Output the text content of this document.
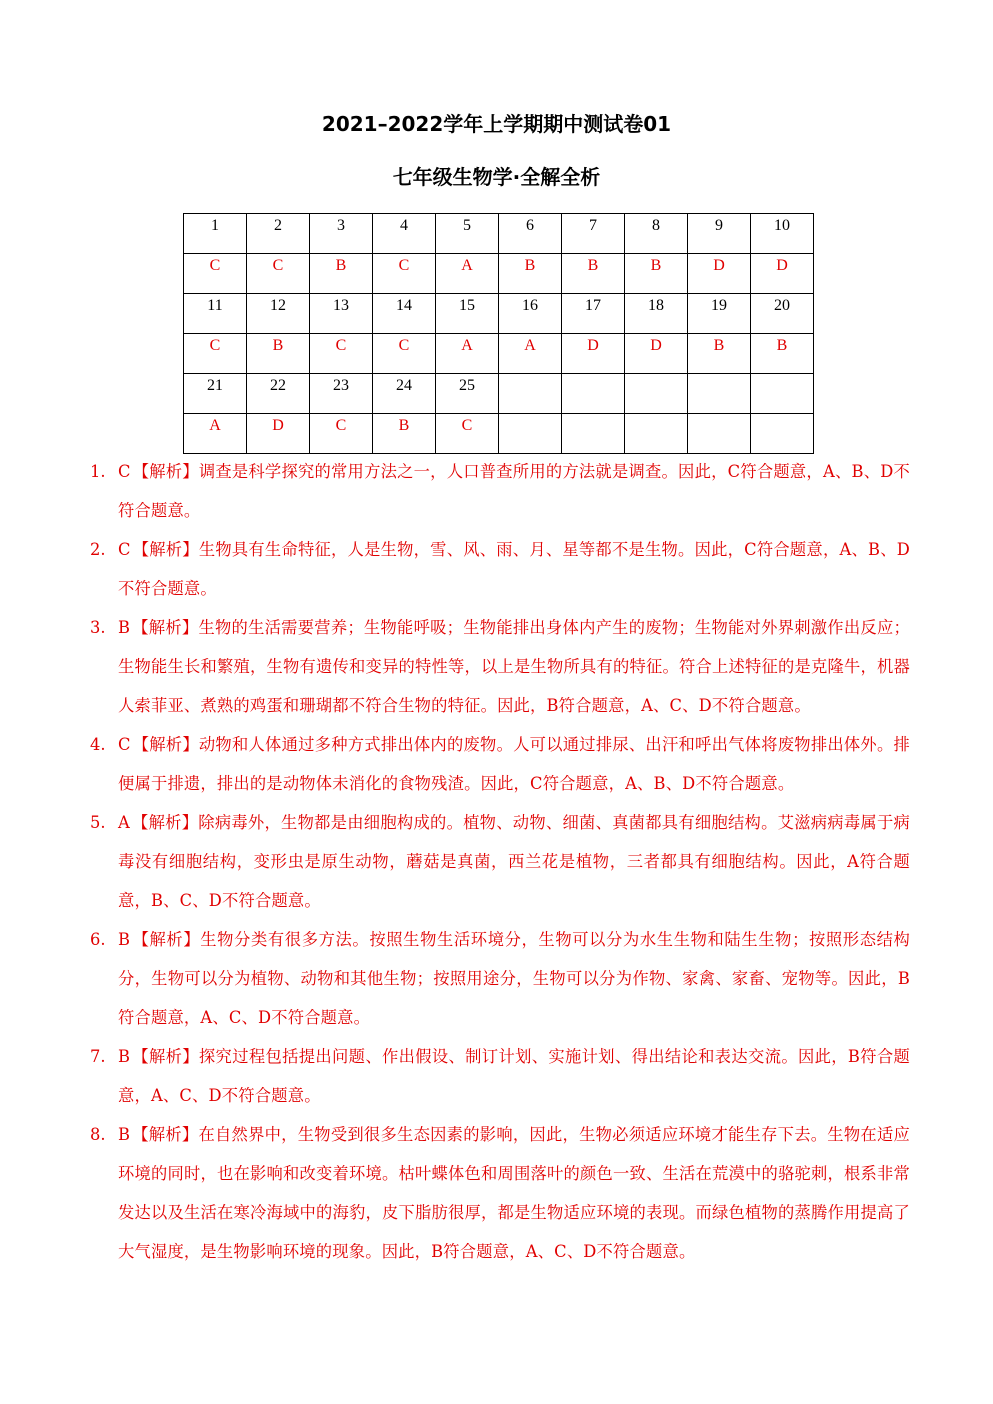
2021–2022学年上学期期中测试卷01
七年级生物学·全解全析
1	2	3	4	5	6	7	8	9	10

C	C	B	C	A	B	B	B	D	D

11	12	13	14	15	16	17	18	19	20

C	B	C	C	A	A	D	D	B	B

21	22	23	24	25					

A	D	C	B	C					

1. C 【解析】调查是科学探究的常用方法之一，人口普查所用的方法就是调查。因此，C符合题意，A、B、D不符合题意。
2. C 【解析】生物具有生命特征，人是生物，雪、风、雨、月、星等都不是生物。因此，C符合题意，A、B、D不符合题意。
3. B 【解析】生物的生活需要营养；生物能呼吸；生物能排出身体内产生的废物；生物能对外界刺激作出反应；生物能生长和繁殖，生物有遗传和变异的特性等，以上是生物所具有的特征。符合上述特征的是克隆牛，机器人索菲亚、煮熟的鸡蛋和珊瑚都不符合生物的特征。因此，B符合题意，A、C、D不符合题意。
4. C 【解析】动物和人体通过多种方式排出体内的废物。人可以通过排尿、出汗和呼出气体将废物排出体外。排便属于排遗，排出的是动物体未消化的食物残渣。因此，C符合题意，A、B、D不符合题意。
5. A 【解析】除病毒外，生物都是由细胞构成的。植物、动物、细菌、真菌都具有细胞结构。艾滋病病毒属于病毒没有细胞结构，变形虫是原生动物，蘑菇是真菌，西兰花是植物，三者都具有细胞结构。因此，A符合题意，B、C、D不符合题意。
6. B 【解析】生物分类有很多方法。按照生物生活环境分，生物可以分为水生生物和陆生生物；按照形态结构分，生物可以分为植物、动物和其他生物；按照用途分，生物可以分为作物、家禽、家畜、宠物等。因此，B符合题意，A、C、D不符合题意。
7. B 【解析】探究过程包括提出问题、作出假设、制订计划、实施计划、得出结论和表达交流。因此，B符合题意，A、C、D不符合题意。
8. B 【解析】在自然界中，生物受到很多生态因素的影响，因此，生物必须适应环境才能生存下去。生物在适应环境的同时，也在影响和改变着环境。枯叶蝶体色和周围落叶的颜色一致、生活在荒漠中的骆驼刺，根系非常发达以及生活在寒冷海域中的海豹，皮下脂肪很厚，都是生物适应环境的表现。而绿色植物的蒸腾作用提高了大气湿度，是生物影响环境的现象。因此，B符合题意，A、C、D不符合题意。
